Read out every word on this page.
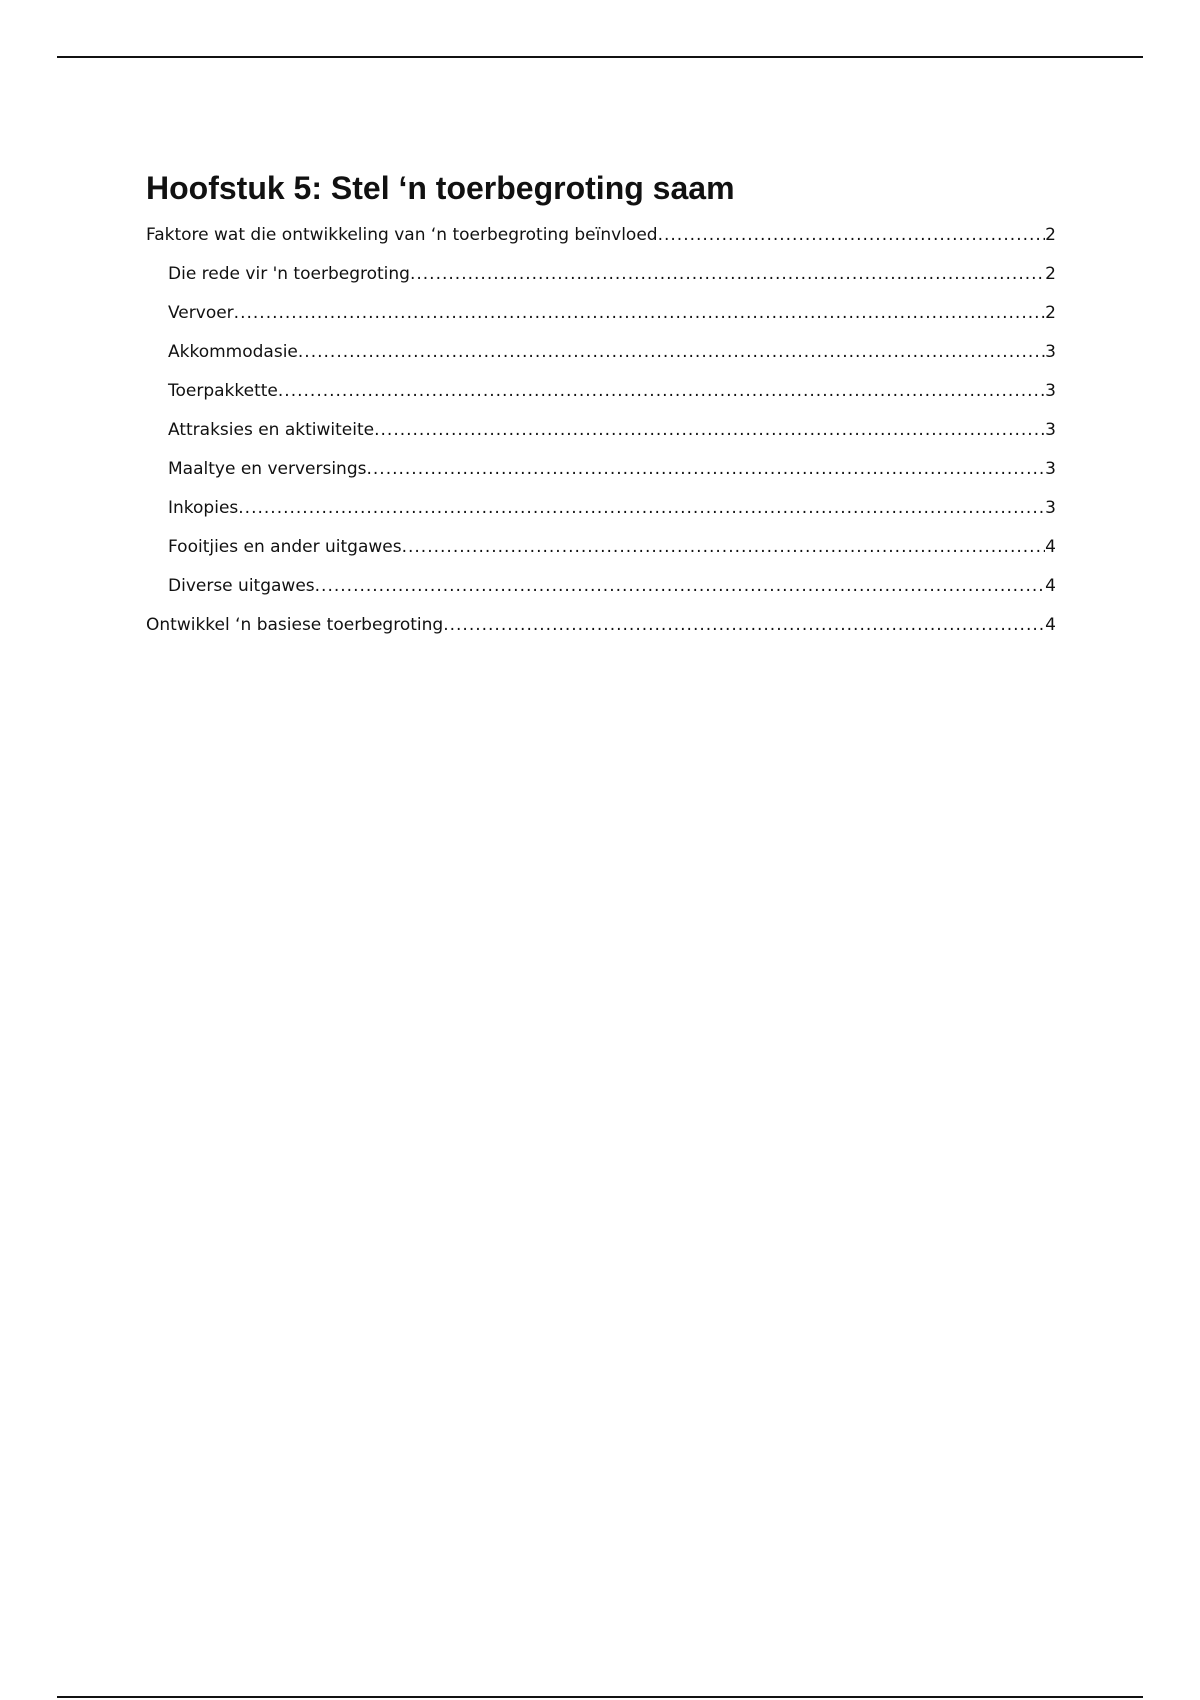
Hoofstuk 5: Stel ‘n toerbegroting saam
Faktore wat die ontwikkeling van ‘n toerbegroting beïnvloed .....	2
Die rede vir 'n toerbegroting .....	2
Vervoer .....	2
Akkommodasie .....	3
Toerpakkette .....	3
Attraksies en aktiwiteite .....	3
Maaltye en verversings .....	3
Inkopies .....	3
Fooitjies en ander uitgawes .....	4
Diverse uitgawes .....	4
Ontwikkel ‘n basiese toerbegroting .....	4
